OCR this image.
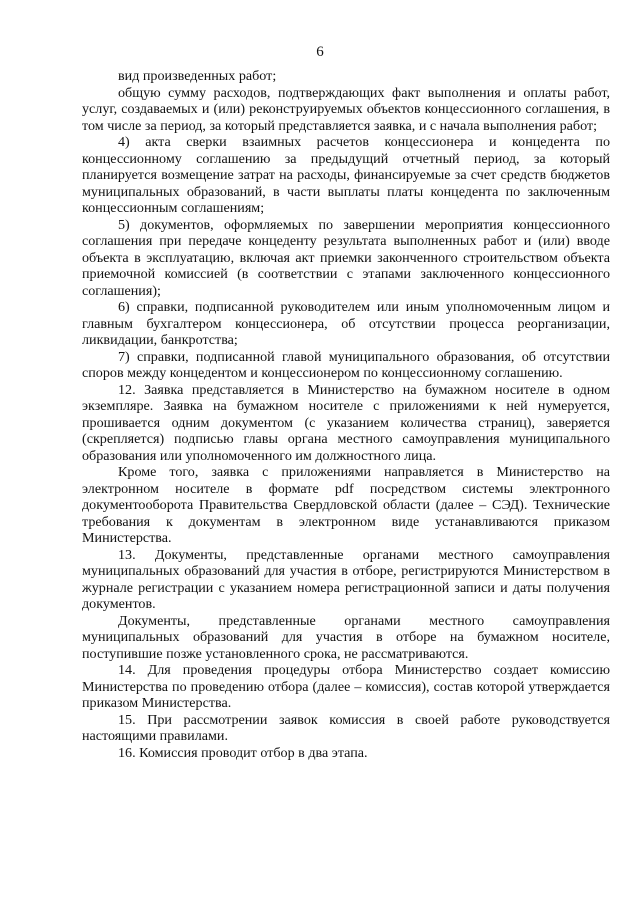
6

вид произведенных работ;

общую сумму расходов, подтверждающих факт выполнения и оплаты работ, услуг, создаваемых и (или) реконструируемых объектов концессионного соглашения, в том числе за период, за который представляется заявка, и с начала выполнения работ;

4) акта сверки взаимных расчетов концессионера и концедента по концессионному соглашению за предыдущий отчетный период, за который планируется возмещение затрат на расходы, финансируемые за счет средств бюджетов муниципальных образований, в части выплаты платы концедента по заключенным концессионным соглашениям;

5) документов, оформляемых по завершении мероприятия концессионного соглашения при передаче концеденту результата выполненных работ и (или) вводе объекта в эксплуатацию, включая акт приемки законченного строительством объекта приемочной комиссией (в соответствии с этапами заключенного концессионного соглашения);

6) справки, подписанной руководителем или иным уполномоченным лицом и главным бухгалтером концессионера, об отсутствии процесса реорганизации, ликвидации, банкротства;

7) справки, подписанной главой муниципального образования, об отсутствии споров между концедентом и концессионером по концессионному соглашению.

12. Заявка представляется в Министерство на бумажном носителе в одном экземпляре. Заявка на бумажном носителе с приложениями к ней нумеруется, прошивается одним документом (с указанием количества страниц), заверяется (скрепляется) подписью главы органа местного самоуправления муниципального образования или уполномоченного им должностного лица.

Кроме того, заявка с приложениями направляется в Министерство на электронном носителе в формате pdf посредством системы электронного документооборота Правительства Свердловской области (далее – СЭД). Технические требования к документам в электронном виде устанавливаются приказом Министерства.

13. Документы, представленные органами местного самоуправления муниципальных образований для участия в отборе, регистрируются Министерством в журнале регистрации с указанием номера регистрационной записи и даты получения документов.

Документы, представленные органами местного самоуправления муниципальных образований для участия в отборе на бумажном носителе, поступившие позже установленного срока, не рассматриваются.

14. Для проведения процедуры отбора Министерство создает комиссию Министерства по проведению отбора (далее – комиссия), состав которой утверждается приказом Министерства.

15. При рассмотрении заявок комиссия в своей работе руководствуется настоящими правилами.

16. Комиссия проводит отбор в два этапа.
